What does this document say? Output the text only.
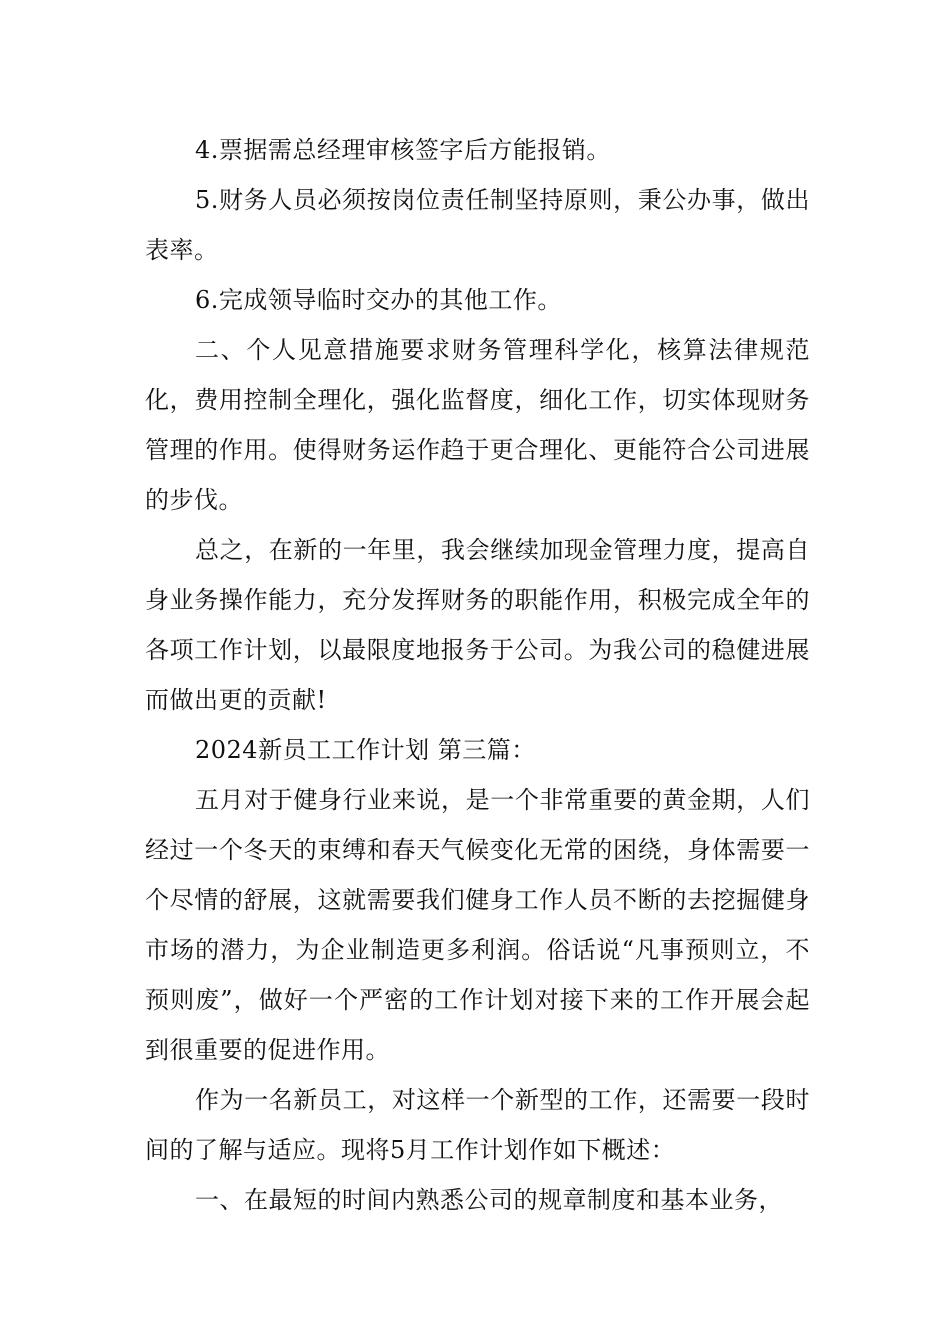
4.票据需总经理审核签字后方能报销。

5.财务人员必须按岗位责任制坚持原则，秉公办事，做出表率。

6.完成领导临时交办的其他工作。

二、个人见意措施要求财务管理科学化，核算法律规范化，费用控制全理化，强化监督度，细化工作，切实体现财务管理的作用。使得财务运作趋于更合理化、更能符合公司进展的步伐。

总之，在新的一年里，我会继续加现金管理力度，提高自身业务操作能力，充分发挥财务的职能作用，积极完成全年的各项工作计划，以最限度地报务于公司。为我公司的稳健进展而做出更的贡献!

2024新员工工作计划 第三篇：

五月对于健身行业来说，是一个非常重要的黄金期，人们经过一个冬天的束缚和春天气候变化无常的困绕，身体需要一个尽情的舒展，这就需要我们健身工作人员不断的去挖掘健身市场的潜力，为企业制造更多利润。俗话说“凡事预则立，不预则废”，做好一个严密的工作计划对接下来的工作开展会起到很重要的促进作用。

作为一名新员工，对这样一个新型的工作，还需要一段时间的了解与适应。现将5月工作计划作如下概述：

一、在最短的时间内熟悉公司的规章制度和基本业务，
